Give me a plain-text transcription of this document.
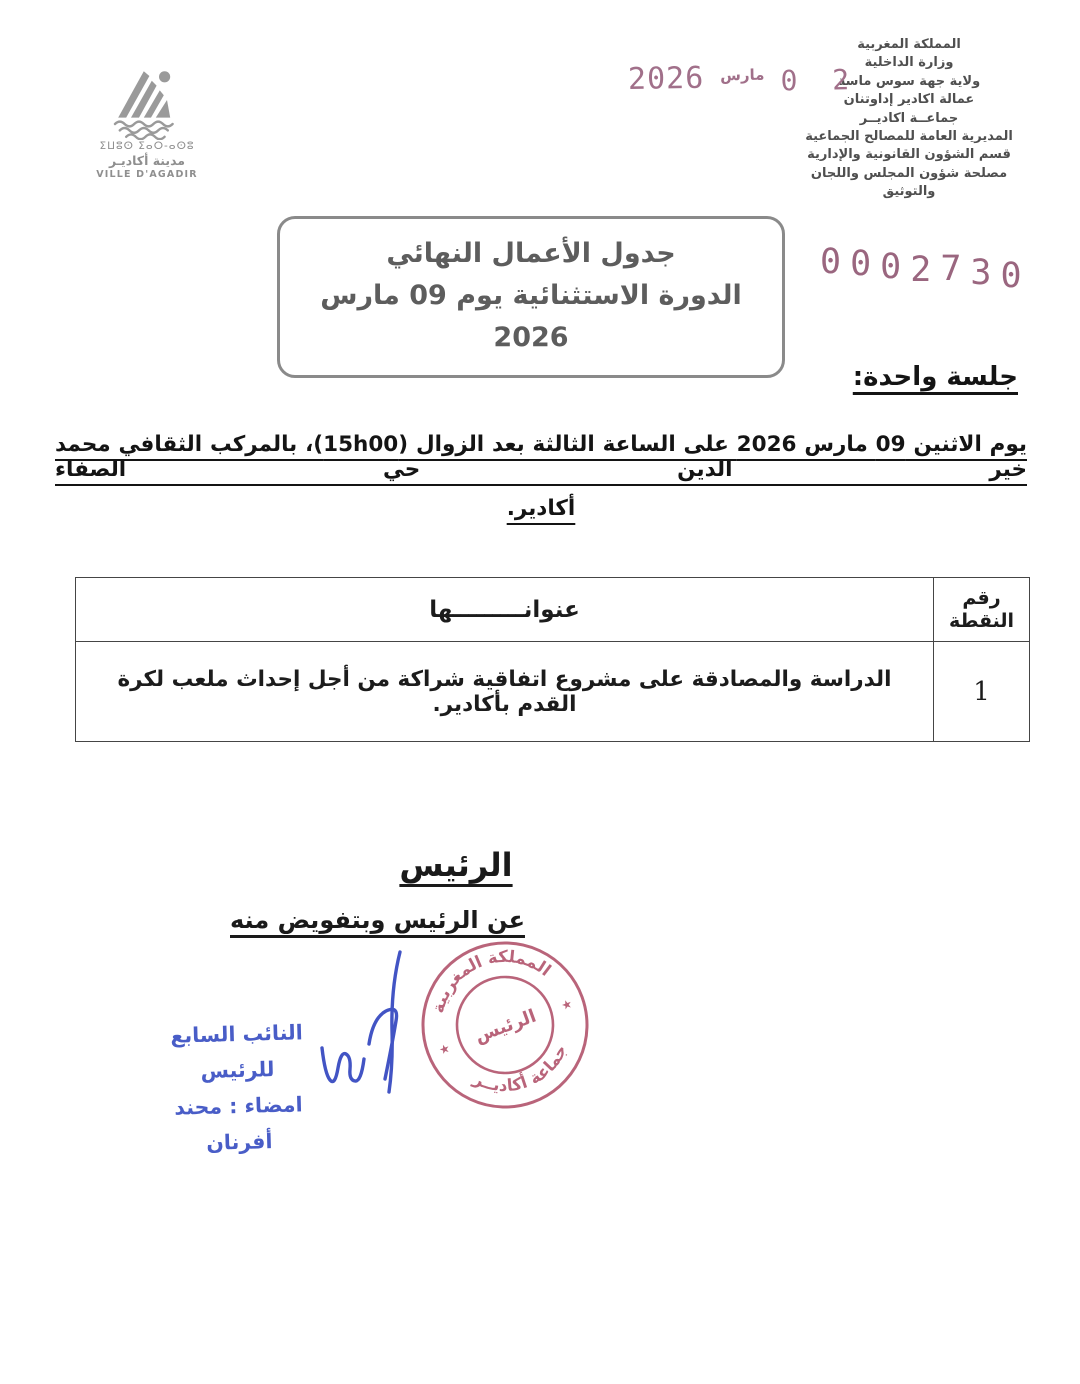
المملكة المغربية
وزارة الداخلية
ولاية جهة سوس ماسة
عمالة اكادير إداوتنان
جماعــة اكاديــر
المديرية العامة للمصالح الجماعية
قسم الشؤون القانونية والإدارية
مصلحة شؤون المجلس واللجان والتوثيق
ⵉⵡⵓⵙ ⵉⴰⵔ-ⴰⵙⵓ
مدينة أكاديـر
VILLE D'AGADIR
2026 مارس 0 2
جدول الأعمال النهائي
الدورة الاستثنائية يوم 09 مارس 2026
0 0 0 2 7 3 0
جلسة واحدة:
يوم الاثنين 09 مارس 2026 على الساعة الثالثة بعد الزوال (15h00)، بالمركب الثقافي محمد خير الدين حي الصفاء
أكادير.
رقم
النقطة
عنوانـــــــــها
1
الدراسة والمصادقة على مشروع اتفاقية شراكة من أجل إحداث ملعب لكرة القدم بأكادير.
الرئيس
عن الرئيس وبتفويض منه
النائب السابع للرئيس
امضاء : محند أفرنان
المملكة المغربية
جماعة أكاديــر
الرئيس
★
★
